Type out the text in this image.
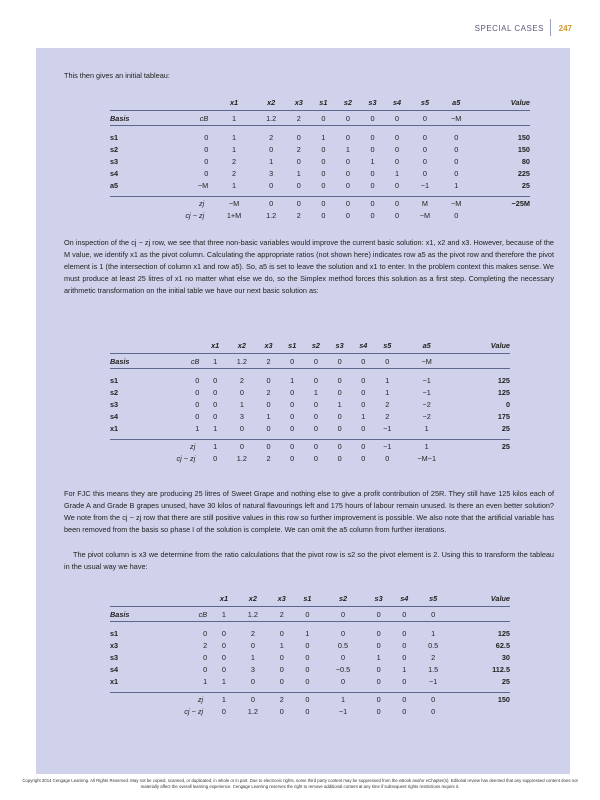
SPECIAL CASES 247

This then gives an initial tableau:

		x1	x2	x3	s1	s2	s3	s4	s5	a5	Value
Basis	cB	1	1.2	2	0	0	0	0	0	−M	

s1	0	1	2	0	1	0	0	0	0	0	150
s2	0	1	0	2	0	1	0	0	0	0	150
s3	0	2	1	0	0	0	1	0	0	0	80
s4	0	2	3	1	0	0	0	1	0	0	225
a5	−M	1	0	0	0	0	0	0	−1	1	25

zj		−M	0	0	0	0	0	0	M	−M	−25M
cj − zj		1+M	1.2	2	0	0	0	0	−M	0	

On inspection of the cj − zj row, we see that three non-basic variables would improve the current basic solution: x1, x2 and x3. However, because of the M value, we identify x1 as the pivot column. Calculating the appropriate ratios (not shown here) indicates row a5 as the pivot row and therefore the pivot element is 1 (the intersection of column x1 and row a5). So, a5 is set to leave the solution and x1 to enter. In the problem context this makes sense. We must produce at least 25 litres of x1 no matter what else we do, so the Simplex method forces this solution as a first step. Completing the necessary arithmetic transformation on the initial table we have our next basic solution as:

		x1	x2	x3	s1	s2	s3	s4	s5	a5	Value
Basis	cB	1	1.2	2	0	0	0	0	0	−M	

s1	0	0	2	0	1	0	0	0	1	−1	125
s2	0	0	0	2	0	1	0	0	1	−1	125
s3	0	0	1	0	0	0	1	0	2	−2	0
s4	0	0	3	1	0	0	0	1	2	−2	175
x1	1	1	0	0	0	0	0	0	−1	1	25

zj		1	0	0	0	0	0	0	−1	1	25
cj − zj		0	1.2	2	0	0	0	0	0	−M−1	

For FJC this means they are producing 25 litres of Sweet Grape and nothing else to give a profit contribution of 25R. They still have 125 kilos each of Grade A and Grade B grapes unused, have 30 kilos of natural flavourings left and 175 hours of labour remain unused. Is there an even better solution? We note from the cj − zj row that there are still positive values in this row so further improvement is possible. We also note that the artificial variable has been removed from the basis so phase I of the solution is complete. We can omit the a5 column from further iterations.

The pivot column is x3 we determine from the ratio calculations that the pivot row is s2 so the pivot element is 2. Using this to transform the tableau in the usual way we have:

		x1	x2	x3	s1	s2	s3	s4	s5	Value
Basis	cB	1	1.2	2	0	0	0	0	0	

s1	0	0	2	0	1	0	0	0	1	125
x3	2	0	0	1	0	0.5	0	0	0.5	62.5
s3	0	0	1	0	0	0	1	0	2	30
s4	0	0	3	0	0	−0.5	0	1	1.5	112.5
x1	1	1	0	0	0	0	0	0	−1	25

zj		1	0	2	0	1	0	0	0	150
cj − zj		0	1.2	0	0	−1	0	0	0	
Copyright 2014 Cengage Learning. All Rights Reserved. May not be copied, scanned, or duplicated, in whole or in part. Due to electronic rights, some third party content may be suppressed from the eBook and/or eChapter(s). Editorial review has deemed that any suppressed content does not materially affect the overall learning experience. Cengage Learning reserves the right to remove additional content at any time if subsequent rights restrictions require it.
